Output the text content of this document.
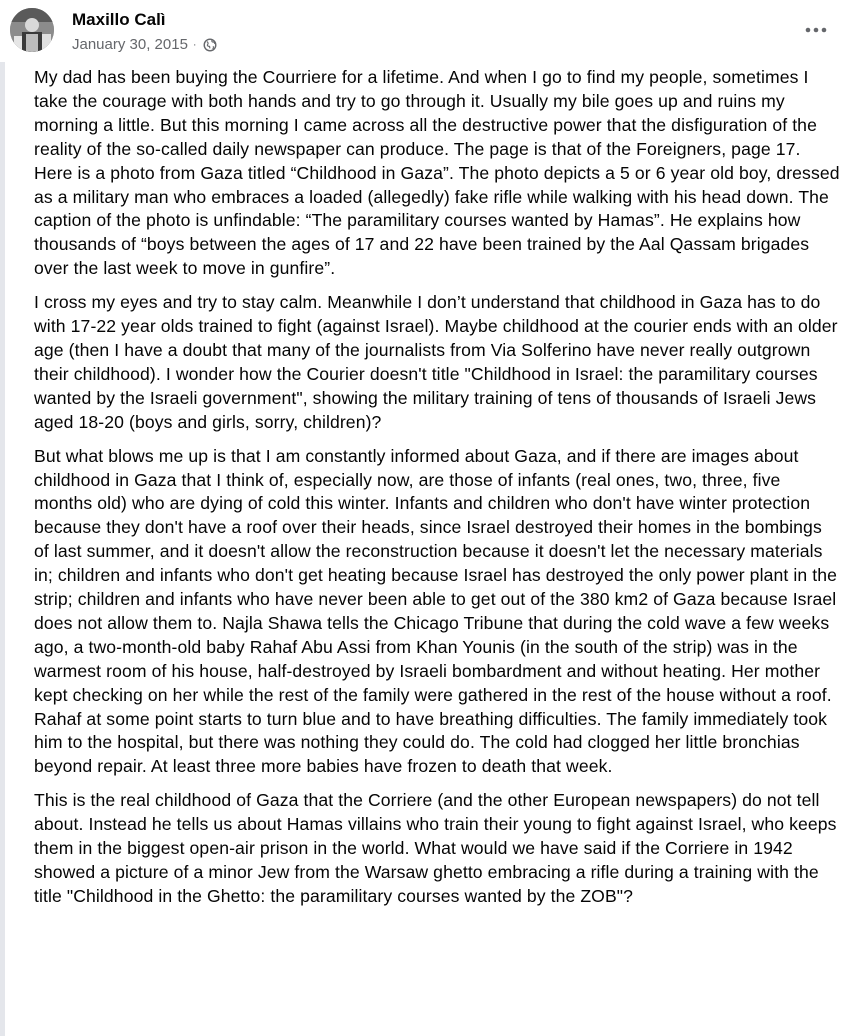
Maxillo Calì
January 30, 2015 ·

My dad has been buying the Courriere for a lifetime. And when I go to find my people, sometimes I take the courage with both hands and try to go through it. Usually my bile goes up and ruins my morning a little. But this morning I came across all the destructive power that the disfiguration of the reality of the so-called daily newspaper can produce. The page is that of the Foreigners, page 17. Here is a photo from Gaza titled “Childhood in Gaza”. The photo depicts a 5 or 6 year old boy, dressed as a military man who embraces a loaded (allegedly) fake rifle while walking with his head down. The caption of the photo is unfindable: “The paramilitary courses wanted by Hamas”. He explains how thousands of “boys between the ages of 17 and 22 have been trained by the Aal Qassam brigades over the last week to move in gunfire”.

I cross my eyes and try to stay calm. Meanwhile I don’t understand that childhood in Gaza has to do with 17-22 year olds trained to fight (against Israel). Maybe childhood at the courier ends with an older age (then I have a doubt that many of the journalists from Via Solferino have never really outgrown their childhood). I wonder how the Courier doesn't title "Childhood in Israel: the paramilitary courses wanted by the Israeli government", showing the military training of tens of thousands of Israeli Jews aged 18-20 (boys and girls, sorry, children)?

But what blows me up is that I am constantly informed about Gaza, and if there are images about childhood in Gaza that I think of, especially now, are those of infants (real ones, two, three, five months old) who are dying of cold this winter. Infants and children who don't have winter protection because they don't have a roof over their heads, since Israel destroyed their homes in the bombings of last summer, and it doesn't allow the reconstruction because it doesn't let the necessary materials in; children and infants who don't get heating because Israel has destroyed the only power plant in the strip; children and infants who have never been able to get out of the 380 km2 of Gaza because Israel does not allow them to. Najla Shawa tells the Chicago Tribune that during the cold wave a few weeks ago, a two-month-old baby Rahaf Abu Assi from Khan Younis (in the south of the strip) was in the warmest room of his house, half-destroyed by Israeli bombardment and without heating. Her mother kept checking on her while the rest of the family were gathered in the rest of the house without a roof. Rahaf at some point starts to turn blue and to have breathing difficulties. The family immediately took him to the hospital, but there was nothing they could do. The cold had clogged her little bronchias beyond repair. At least three more babies have frozen to death that week.

This is the real childhood of Gaza that the Corriere (and the other European newspapers) do not tell about. Instead he tells us about Hamas villains who train their young to fight against Israel, who keeps them in the biggest open-air prison in the world. What would we have said if the Corriere in 1942 showed a picture of a minor Jew from the Warsaw ghetto embracing a rifle during a training with the title "Childhood in the Ghetto: the paramilitary courses wanted by the ZOB"?
